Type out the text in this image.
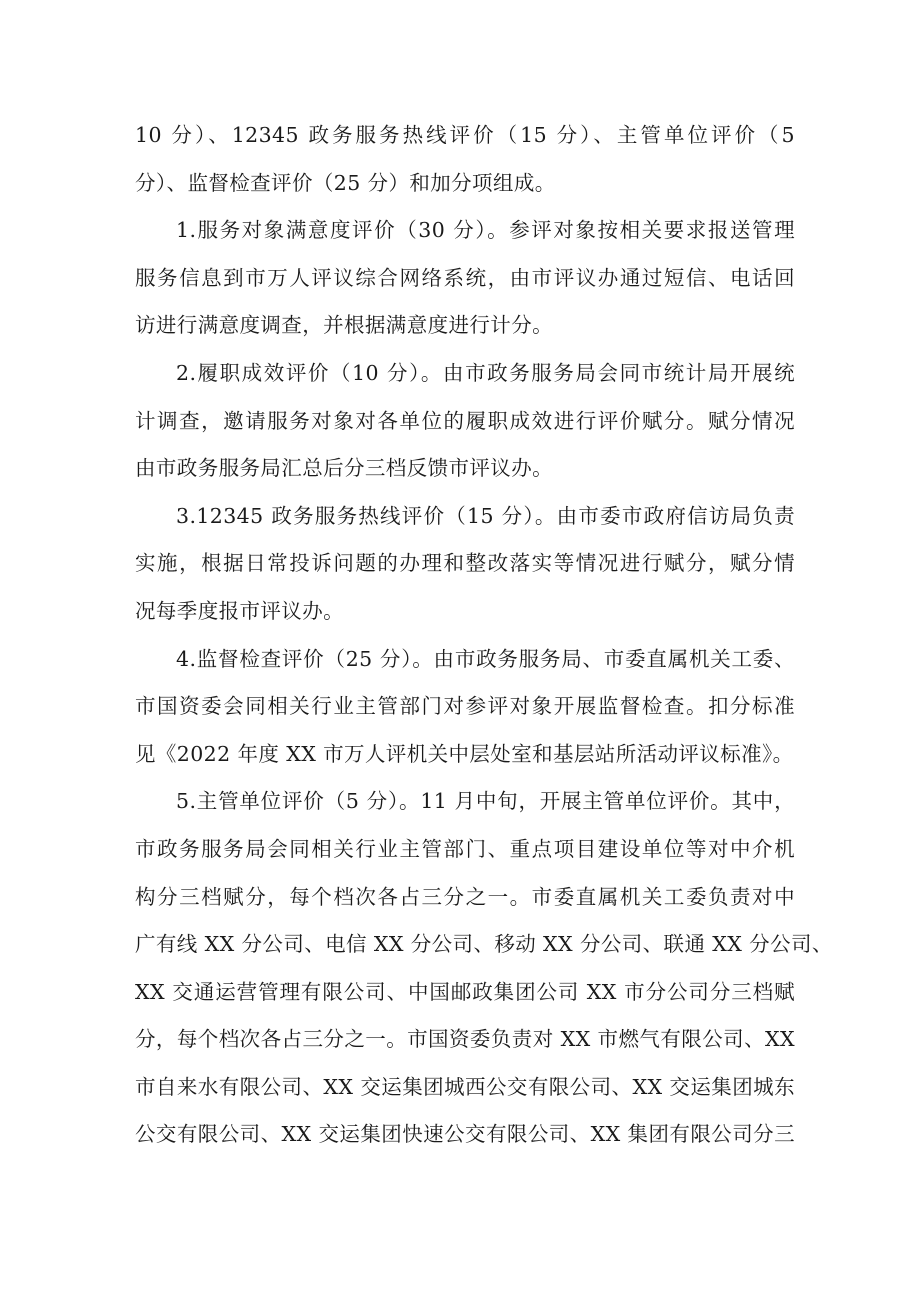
10 分）、12345 政务服务热线评价（15 分）、主管单位评价（5
分）、监督检查评价（25 分）和加分项组成。
1.服务对象满意度评价（30 分）。参评对象按相关要求报送管理
服务信息到市万人评议综合网络系统，由市评议办通过短信、电话回
访进行满意度调查，并根据满意度进行计分。
2.履职成效评价（10 分）。由市政务服务局会同市统计局开展统
计调查，邀请服务对象对各单位的履职成效进行评价赋分。赋分情况
由市政务服务局汇总后分三档反馈市评议办。
3.12345 政务服务热线评价（15 分）。由市委市政府信访局负责
实施，根据日常投诉问题的办理和整改落实等情况进行赋分，赋分情
况每季度报市评议办。
4.监督检查评价（25 分）。由市政务服务局、市委直属机关工委、
市国资委会同相关行业主管部门对参评对象开展监督检查。扣分标准
见《2022 年度 XX 市万人评机关中层处室和基层站所活动评议标准》。
5.主管单位评价（5 分）。11 月中旬，开展主管单位评价。其中，
市政务服务局会同相关行业主管部门、重点项目建设单位等对中介机
构分三档赋分，每个档次各占三分之一。市委直属机关工委负责对中
广有线 XX 分公司、电信 XX 分公司、移动 XX 分公司、联通 XX 分公司、
XX 交通运营管理有限公司、中国邮政集团公司 XX 市分公司分三档赋
分，每个档次各占三分之一。市国资委负责对 XX 市燃气有限公司、XX
市自来水有限公司、XX 交运集团城西公交有限公司、XX 交运集团城东
公交有限公司、XX 交运集团快速公交有限公司、XX 集团有限公司分三
